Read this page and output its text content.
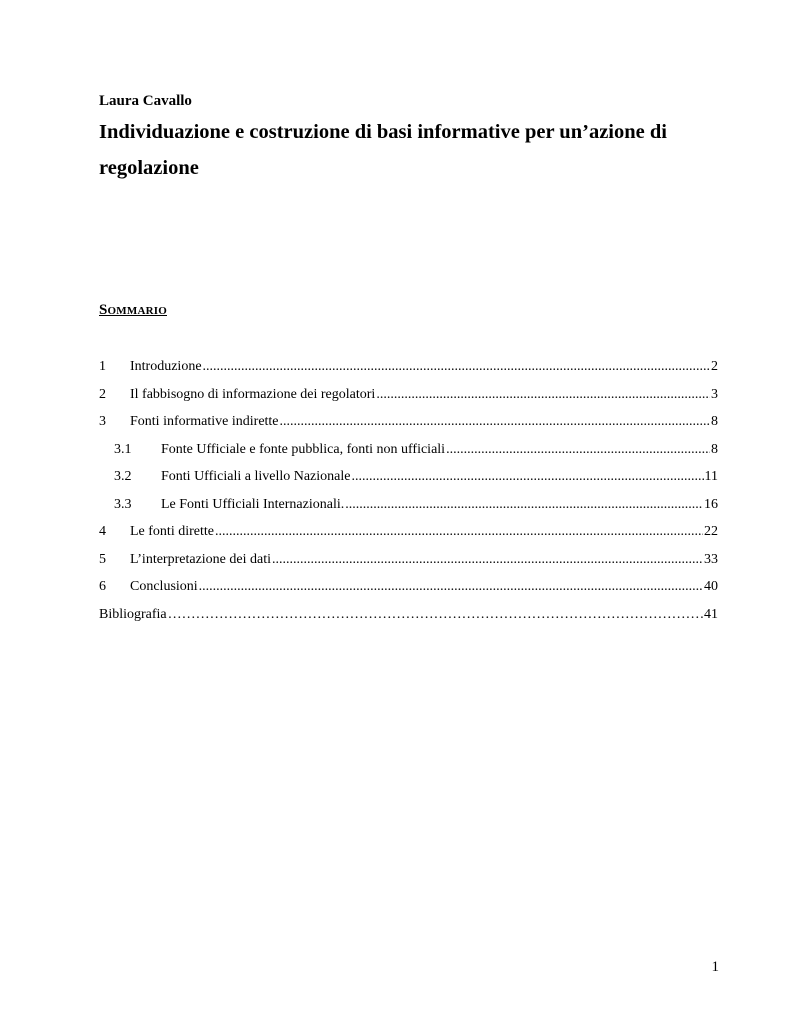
Laura Cavallo
Individuazione e costruzione di basi informative per un’azione di regolazione
Sommario
1	Introduzione .....	2
2	Il fabbisogno di informazione dei regolatori .....	3
3	Fonti informative indirette .....	8
3.1	Fonte Ufficiale e fonte pubblica, fonti non ufficiali .....	8
3.2	Fonti Ufficiali a livello Nazionale .....	11
3.3	Le Fonti Ufficiali Internazionali. .....	16
4	Le fonti dirette .....	22
5	L’interpretazione dei dati .....	33
6	Conclusioni .....	40
Bibliografia ……………………………………………………………………………………………………………………………………	41
1
